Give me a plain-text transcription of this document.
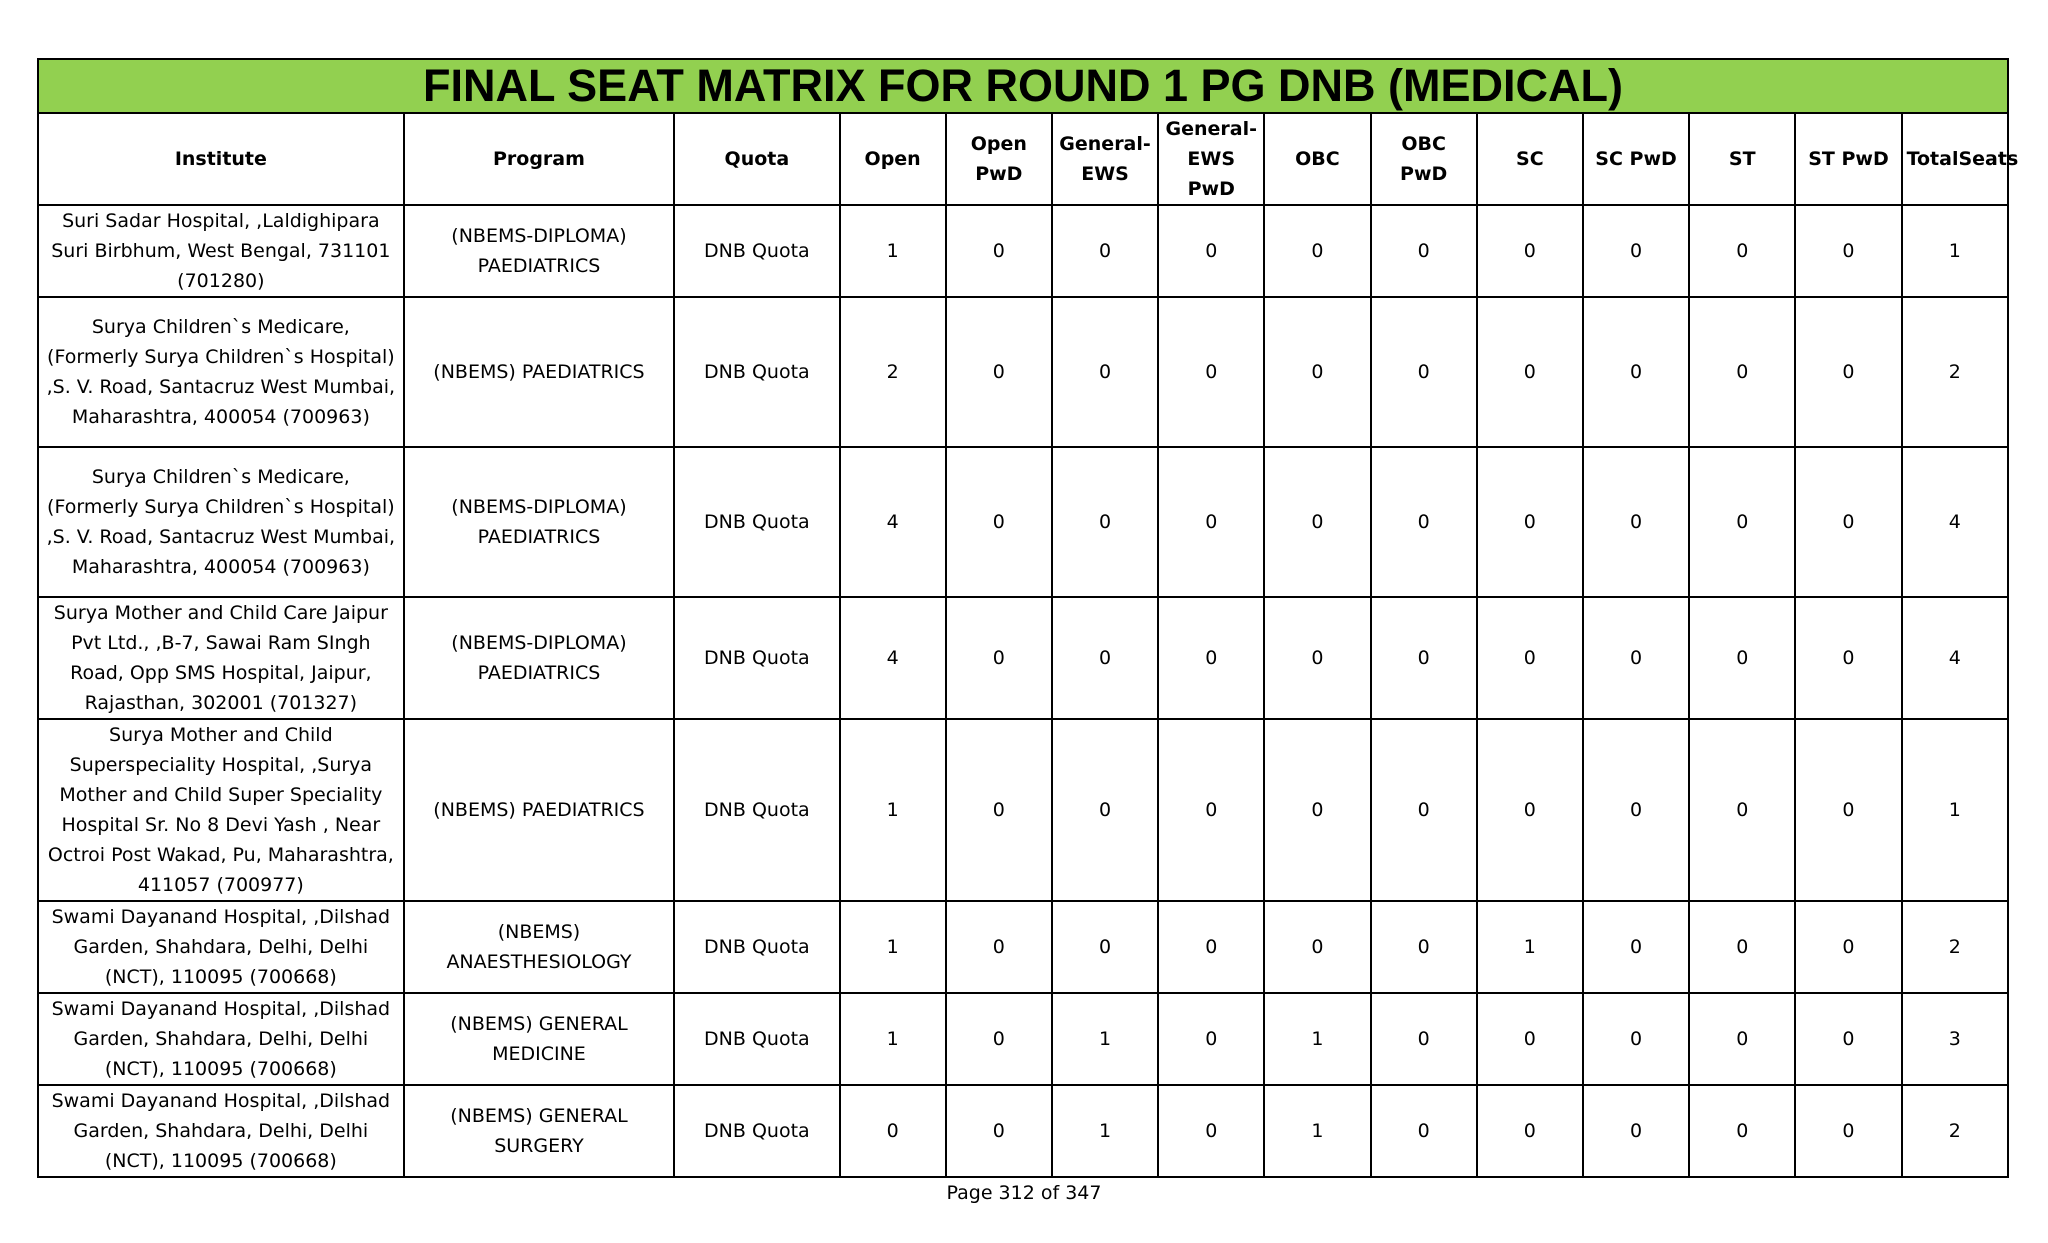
FINAL SEAT MATRIX FOR ROUND 1 PG DNB (MEDICAL)													
Institute	Program	Quota	Open	Open PwD	General-EWS	General-EWS PwD	OBC	OBC PwD	SC	SC PwD	ST	ST PwD	TotalSeats
Suri Sadar Hospital, ,Laldighipara Suri Birbhum, West Bengal, 731101 (701280)	(NBEMS-DIPLOMA) PAEDIATRICS	DNB Quota	1	0	0	0	0	0	0	0	0	0	1
Surya Children`s Medicare, (Formerly Surya Children`s Hospital) ,S. V. Road, Santacruz West Mumbai, Maharashtra, 400054 (700963)	(NBEMS) PAEDIATRICS	DNB Quota	2	0	0	0	0	0	0	0	0	0	2
Surya Children`s Medicare, (Formerly Surya Children`s Hospital) ,S. V. Road, Santacruz West Mumbai, Maharashtra, 400054 (700963)	(NBEMS-DIPLOMA) PAEDIATRICS	DNB Quota	4	0	0	0	0	0	0	0	0	0	4
Surya Mother and Child Care Jaipur Pvt Ltd., ,B-7, Sawai Ram SIngh Road, Opp SMS Hospital, Jaipur, Rajasthan, 302001 (701327)	(NBEMS-DIPLOMA) PAEDIATRICS	DNB Quota	4	0	0	0	0	0	0	0	0	0	4
Surya Mother and Child Superspeciality Hospital, ,Surya Mother and Child Super Speciality Hospital Sr. No 8 Devi Yash , Near Octroi Post Wakad, Pu, Maharashtra, 411057 (700977)	(NBEMS) PAEDIATRICS	DNB Quota	1	0	0	0	0	0	0	0	0	0	1
Swami Dayanand Hospital, ,Dilshad Garden, Shahdara, Delhi, Delhi (NCT), 110095 (700668)	(NBEMS) ANAESTHESIOLOGY	DNB Quota	1	0	0	0	0	0	1	0	0	0	2
Swami Dayanand Hospital, ,Dilshad Garden, Shahdara, Delhi, Delhi (NCT), 110095 (700668)	(NBEMS) GENERAL MEDICINE	DNB Quota	1	0	1	0	1	0	0	0	0	0	3
Swami Dayanand Hospital, ,Dilshad Garden, Shahdara, Delhi, Delhi (NCT), 110095 (700668)	(NBEMS) GENERAL SURGERY	DNB Quota	0	0	1	0	1	0	0	0	0	0	2
Page 312 of 347
